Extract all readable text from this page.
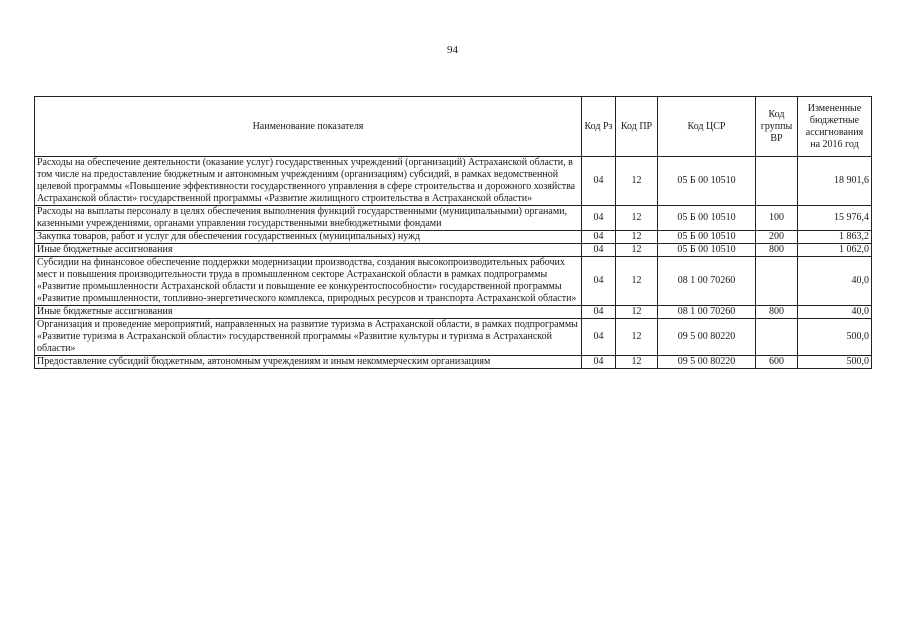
94
Наименование показателя	Код Рз	Код ПР	Код ЦСР	Код группы ВР	Измененные бюджетные ассигнования на 2016 год
Расходы на обеспечение деятельности (оказание услуг) государственных учреждений (организаций) Астраханской области, в том числе на предоставление бюджетным и автономным учреждениям (организациям) субсидий, в рамках ведомственной целевой программы «Повышение эффективности государственного управления в сфере строительства и дорожного хозяйства Астраханской области» государственной программы «Развитие жилищного строительства в Астраханской области»	04	12	05 Б 00 10510		18 901,6
Расходы на выплаты персоналу в целях обеспечения выполнения функций государственными (муниципальными) органами, казенными учреждениями, органами управления государственными внебюджетными фондами	04	12	05 Б 00 10510	100	15 976,4
Закупка товаров, работ и услуг для обеспечения государственных (муниципальных) нужд	04	12	05 Б 00 10510	200	1 863,2
Иные бюджетные ассигнования	04	12	05 Б 00 10510	800	1 062,0
Субсидии на финансовое обеспечение поддержки модернизации производства, создания высокопроизводительных рабочих мест и повышения производительности труда в промышленном секторе Астраханской области в рамках подпрограммы «Развитие промышленности Астраханской области и повышение ее конкурентоспособности» государственной программы «Развитие промышленности, топливно-энергетического комплекса, природных ресурсов и транспорта Астраханской области»	04	12	08 1 00 70260		40,0
Иные бюджетные ассигнования	04	12	08 1 00 70260	800	40,0
Организация и проведение мероприятий, направленных на развитие туризма в Астраханской области, в рамках подпрограммы «Развитие туризма в Астраханской области» государственной программы «Развитие культуры и туризма в Астраханской области»	04	12	09 5 00 80220		500,0
Предоставление субсидий бюджетным, автономным учреждениям и иным некоммерческим организациям	04	12	09 5 00 80220	600	500,0
